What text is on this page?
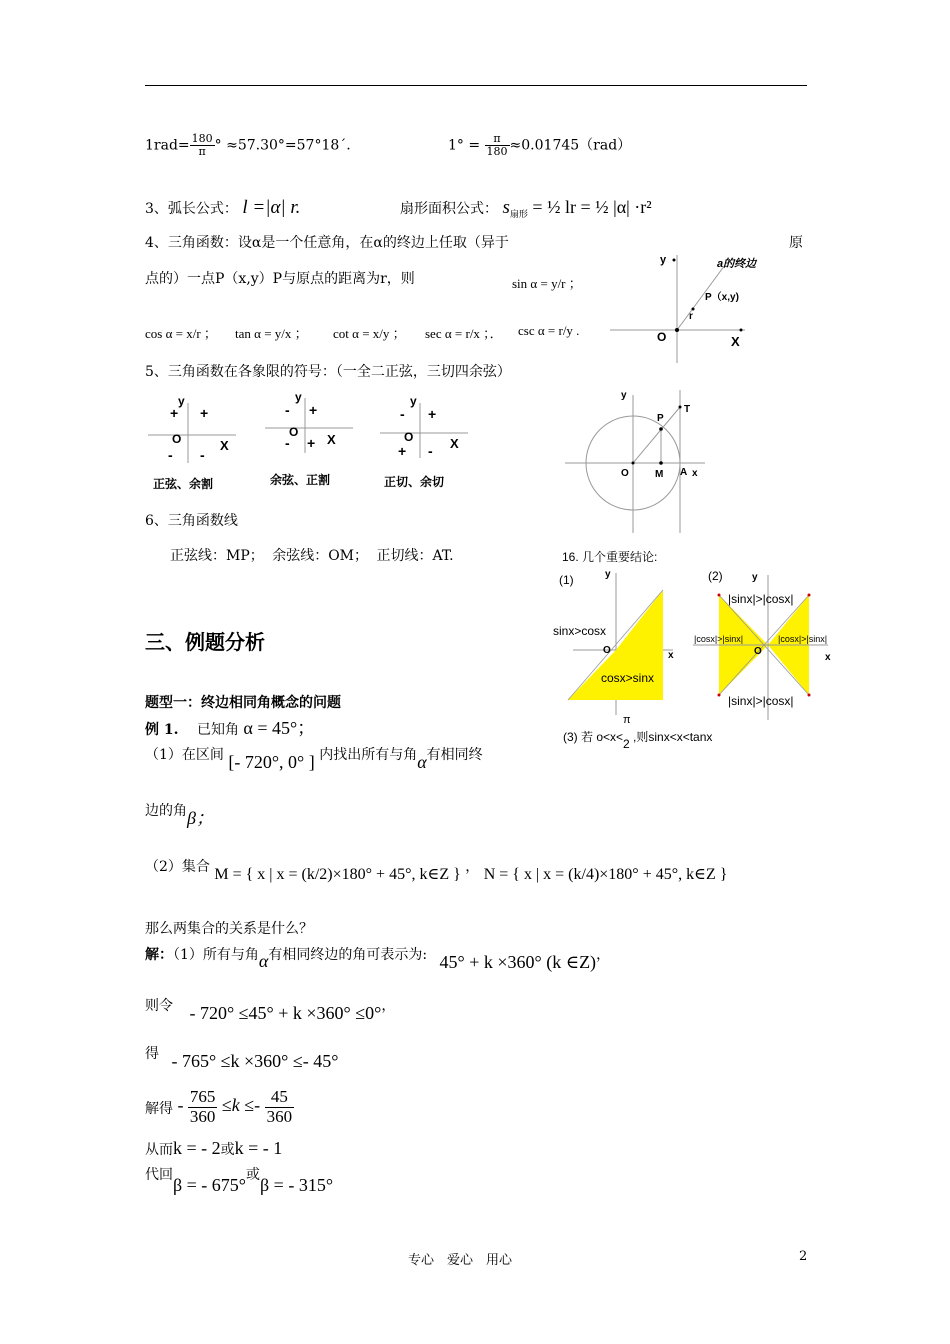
$1rad= \frac{180}{\pi}$ ° ≈57.30°=57°18´.	$1^\circ = \frac{\pi}{180} \approx 0.01745(rad)$
3、弧长公式： l =|α| r.	扇形面积公式： $s_{扇形}$ = ½ lr = ½ |α| ·r²
4、三角函数：设α是一个任意角，在α的终边上任取（异于	原
点的）一点P（x,y）P与原点的距离为r，则	sin α = y/r ；
cos α = x/r ； tan α = y/x ； cot α = x/y ； sec α = r/x ；． csc α = r/y .
y
O	X
P（x,y)
r
a的终边
5、三角函数在各象限的符号：（一全二正弦，三切四余弦）
y
+ +
O	X
- -
正弦、余割
y
- +
O X
- +
余弦、正割
y
- +
O	X
+ -
正切、余切
y
O	M A x
P
T
6、三角函数线
正弦线：MP； 余弦线：OM； 正切线：AT.	16. 几个重要结论:
(1)	y
O	x
sinx>cosx
cosx>sinx
(2)	y
O
x
|sinx|>|cosx|
|sinx|>|cosx|
|cosx|>|sinx|	|cosx|>|sinx|
(3) 若 o<x<
π
2 ,则sinx<x<tanx
三、例题分析
题型一：终边相同角概念的问题
例 1. 已知角 α = 45°；
（1）在区间 [- 720°, 0° ] 内找出所有与角α有相同终
边的角β；
（2）集合 M = { x | x = (k/2)×180° + 45°, k∈Z } ， N = { x | x = (k/4)×180° + 45°, k∈Z }
那么两集合的关系是什么？
解：（1）所有与角α有相同终边的角可表示为: 45° + k ×360° (k ∈Z)，
则令 - 720° ≤45° + k ×360° ≤0°，
得 - 765° ≤k ×360° ≤- 45°
解得 - $\frac{765}{360} \le k \le- \frac{45}{360}$
从而k = - 2或k = - 1
代回β = - 675°或β = - 315°
专心　爱心　用心	2
